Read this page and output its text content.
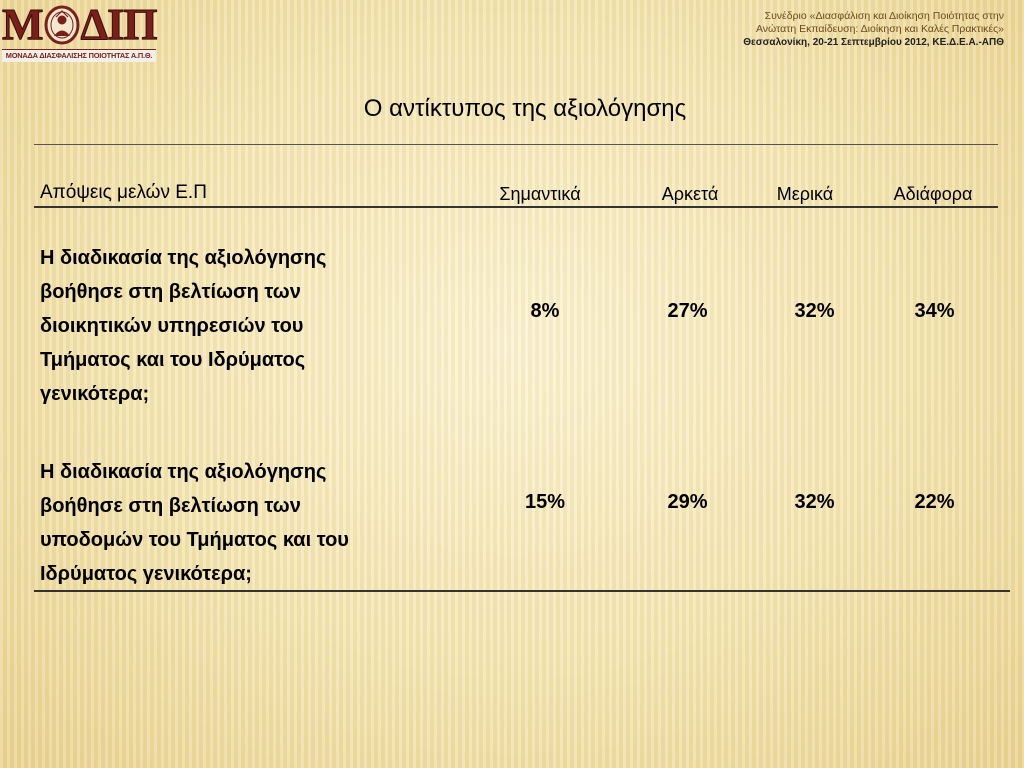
Μ Δ Ι Π
ΜΟΝΑΔΑ ΔΙΑΣΦΑΛΙΣΗΣ ΠΟΙΟΤΗΤΑΣ Α.Π.Θ.
Συνέδριο «Διασφάλιση και Διοίκηση Ποιότητας στην
Ανώτατη Εκπαίδευση: Διοίκηση και Καλές Πρακτικές»
Θεσσαλονίκη, 20-21 Σεπτεμβρίου 2012, ΚΕ.Δ.Ε.Α.-ΑΠΘ
Ο αντίκτυπος της αξιολόγησης
Απόψεις μελών Ε.Π	Σημαντικά	Αρκετά	Μερικά	Αδιάφορα
Η διαδικασία της αξιολόγησης
βοήθησε στη βελτίωση των
διοικητικών υπηρεσιών του
Τμήματος και του Ιδρύματος
γενικότερα;
8%	27%	32%	34%
Η διαδικασία της αξιολόγησης
βοήθησε στη βελτίωση των
υποδομών του Τμήματος και του
Ιδρύματος γενικότερα;
15%	29%	32%	22%
